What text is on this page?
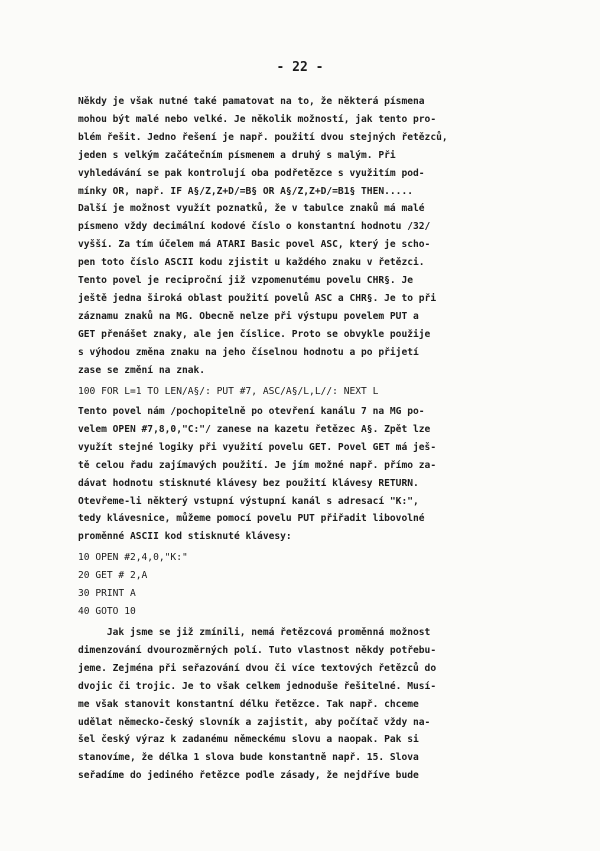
- 22 -

Někdy je však nutné také pamatovat na to, že některá písmena
mohou být malé nebo velké. Je několik možností, jak tento pro-
blém řešit. Jedno řešení je např. použití dvou stejných řetězců,
jeden s velkým začátečním písmenem a druhý s malým. Při
vyhledávání se pak kontrolují oba podřetězce s využitím pod-
mínky OR, např. IF A§/Z,Z+D/=B§ OR A§/Z,Z+D/=B1§ THEN.....
Další je možnost využít poznatků, že v tabulce znaků má malé
písmeno vždy decimální kodové číslo o konstantní hodnotu /32/
vyšší. Za tím účelem má ATARI Basic povel ASC, který je scho-
pen toto číslo ASCII kodu zjistit u každého znaku v řetězci.
Tento povel je reciproční již vzpomenutému povelu CHR§. Je
ještě jedna široká oblast použití povelů ASC a CHR§. Je to při
záznamu znaků na MG. Obecně nelze při výstupu povelem PUT a
GET přenášet znaky, ale jen číslice. Proto se obvykle použije
s výhodou změna znaku na jeho číselnou hodnotu a po přijetí
zase se změní na znak.

100 FOR L=1 TO LEN/A§/: PUT #7, ASC/A§/L,L//: NEXT L

Tento povel nám /pochopitelně po otevření kanálu 7 na MG po-
velem OPEN #7,8,0,"C:"/ zanese na kazetu řetězec A§. Zpět lze
využít stejné logiky při využití povelu GET. Povel GET má ješ-
tě celou řadu zajímavých použití. Je jím možné např. přímo za-
dávat hodnotu stisknuté klávesy bez použití klávesy RETURN.
Otevřeme-li některý vstupní výstupní kanál s adresací "K:",
tedy klávesnice, můžeme pomocí povelu PUT přiřadit libovolné
proměnné ASCII kod stisknuté klávesy:

10 OPEN #2,4,0,"K:"
20 GET # 2,A
30 PRINT A
40 GOTO 10

Jak jsme se již zmínili, nemá řetězcová proměnná možnost
dimenzování dvourozměrných polí. Tuto vlastnost někdy potřebu-
jeme. Zejména při seřazování dvou či více textových řetězců do
dvojic či trojic. Je to však celkem jednoduše řešitelné. Musí-
me však stanovit konstantní délku řetězce. Tak např. chceme
udělat německo-český slovník a zajistit, aby počítač vždy na-
šel český výraz k zadanému německému slovu a naopak. Pak si
stanovíme, že délka 1 slova bude konstantně např. 15. Slova
seřadíme do jediného řetězce podle zásady, že nejdříve bude
